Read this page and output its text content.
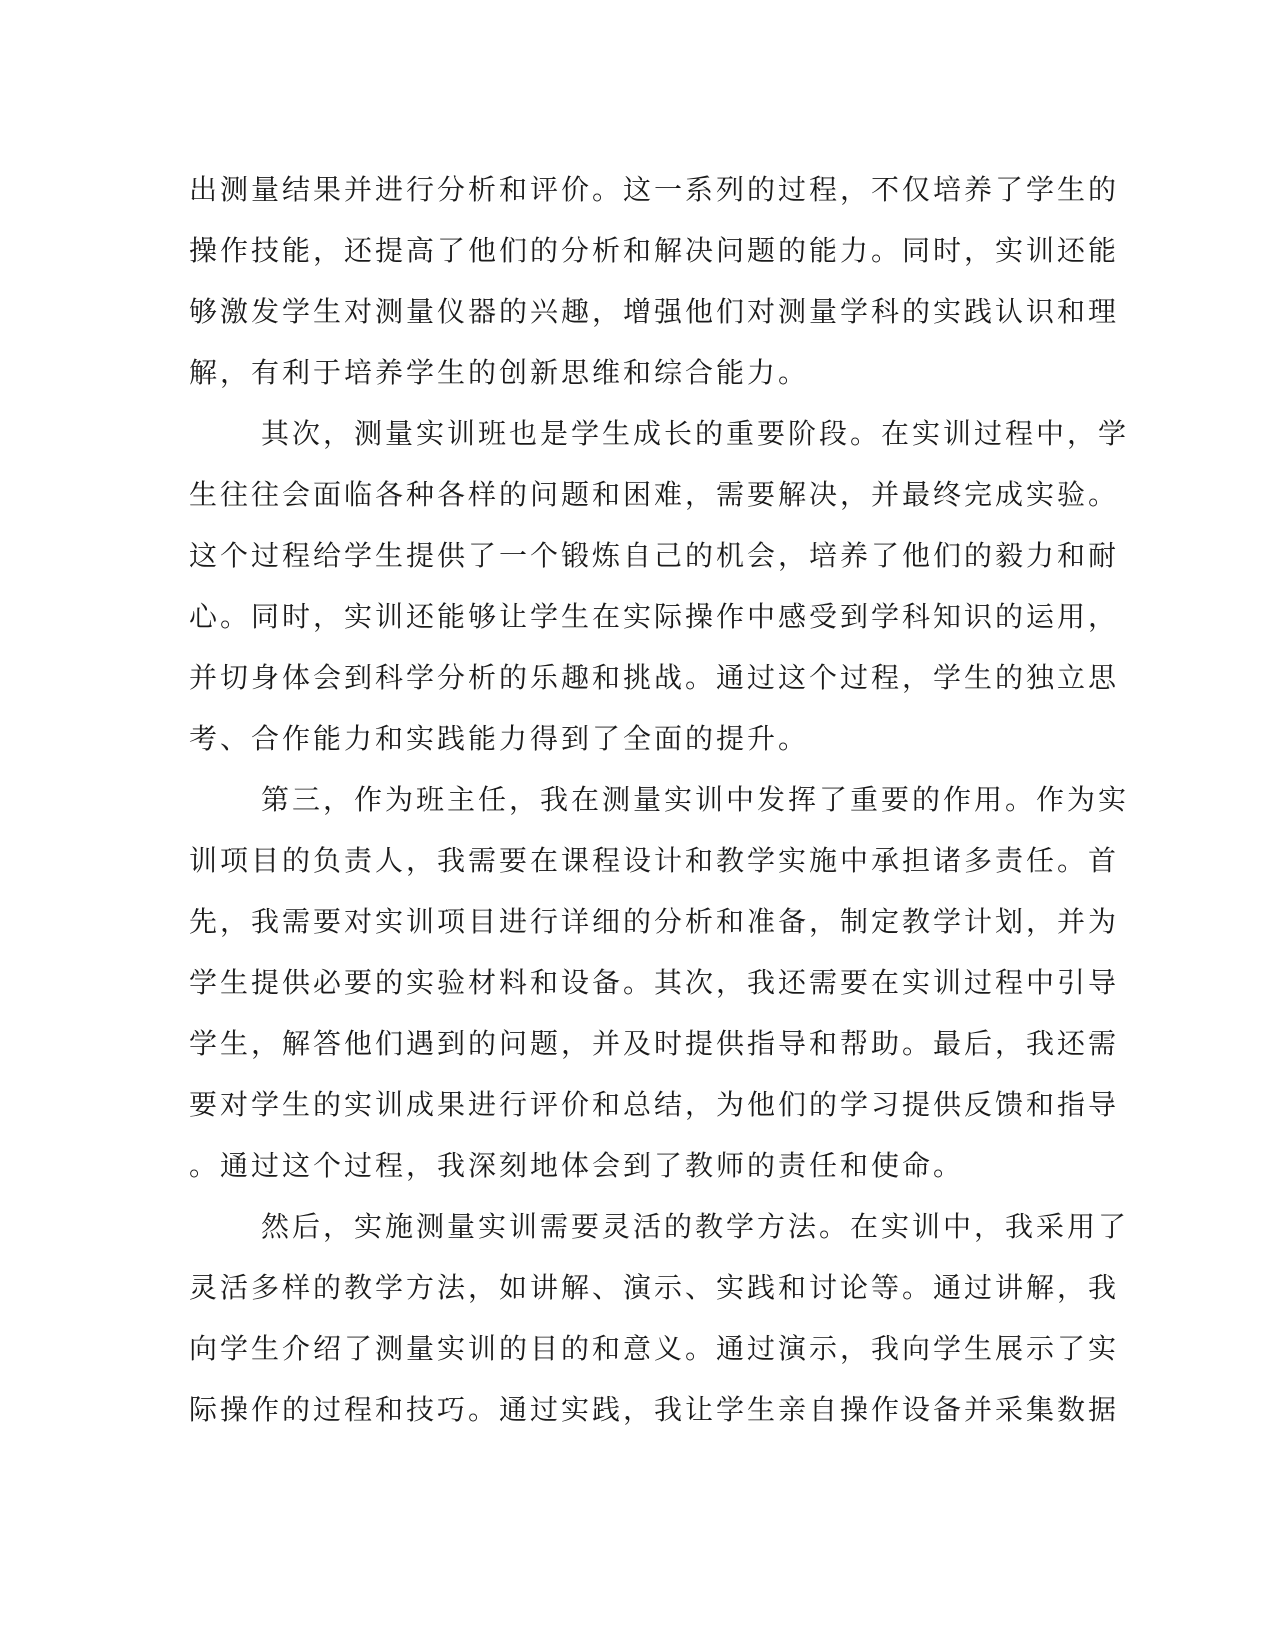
出测量结果并进行分析和评价。这一系列的过程，不仅培养了学生的
操作技能，还提高了他们的分析和解决问题的能力。同时，实训还能
够激发学生对测量仪器的兴趣，增强他们对测量学科的实践认识和理
解，有利于培养学生的创新思维和综合能力。
其次，测量实训班也是学生成长的重要阶段。在实训过程中，学
生往往会面临各种各样的问题和困难，需要解决，并最终完成实验。
这个过程给学生提供了一个锻炼自己的机会，培养了他们的毅力和耐
心。同时，实训还能够让学生在实际操作中感受到学科知识的运用，
并切身体会到科学分析的乐趣和挑战。通过这个过程，学生的独立思
考、合作能力和实践能力得到了全面的提升。
第三，作为班主任，我在测量实训中发挥了重要的作用。作为实
训项目的负责人，我需要在课程设计和教学实施中承担诸多责任。首
先，我需要对实训项目进行详细的分析和准备，制定教学计划，并为
学生提供必要的实验材料和设备。其次，我还需要在实训过程中引导
学生，解答他们遇到的问题，并及时提供指导和帮助。最后，我还需
要对学生的实训成果进行评价和总结，为他们的学习提供反馈和指导
。通过这个过程，我深刻地体会到了教师的责任和使命。
然后，实施测量实训需要灵活的教学方法。在实训中，我采用了
灵活多样的教学方法，如讲解、演示、实践和讨论等。通过讲解，我
向学生介绍了测量实训的目的和意义。通过演示，我向学生展示了实
际操作的过程和技巧。通过实践，我让学生亲自操作设备并采集数据
